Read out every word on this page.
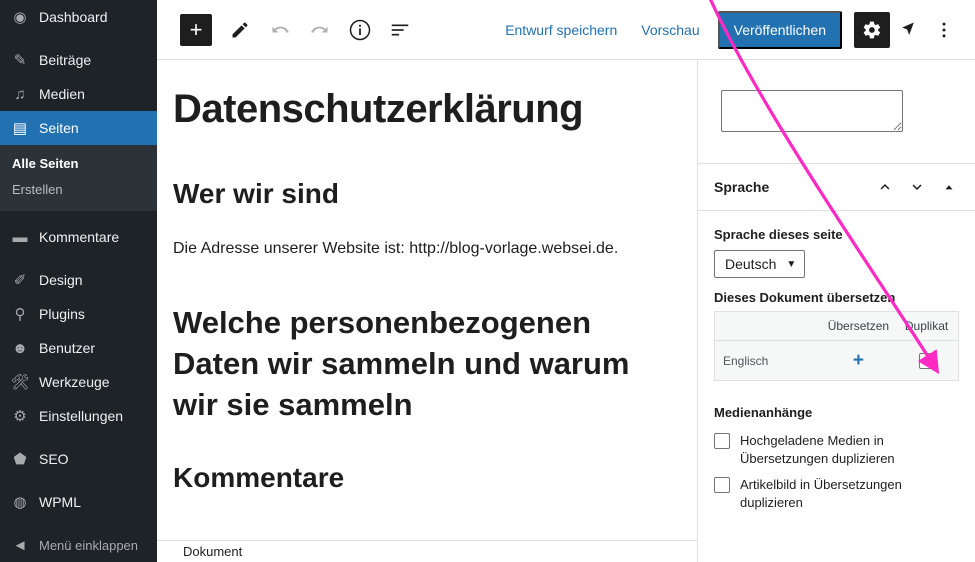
◉ Dashboard
✎ Beiträge
♫ Medien
▤ Seiten
Alle Seiten
Erstellen
▬ Kommentare
✐ Design
⚲ Plugins
☻ Benutzer
🛠 Werkzeuge
⚙ Einstellungen
⬟ SEO
◍ WPML
◄ Menü einklappen
+	Entwurf speichern	Vorschau	Veröffentlichen
Datenschutzerklärung
Wer wir sind

Die Adresse unserer Website ist: http://blog-vorlage.websei.de.

Welche personenbezogenen Daten wir sammeln und warum wir sie sammeln
Kommentare
Dokument
Sprache
Sprache dieses seite
Deutsch ▼
Dieses Dokument übersetzen
	Übersetzen	Duplikat
Englisch	+	
Medienanhänge
Hochgeladene Medien in Übersetzungen duplizieren
Artikelbild in Übersetzungen duplizieren
